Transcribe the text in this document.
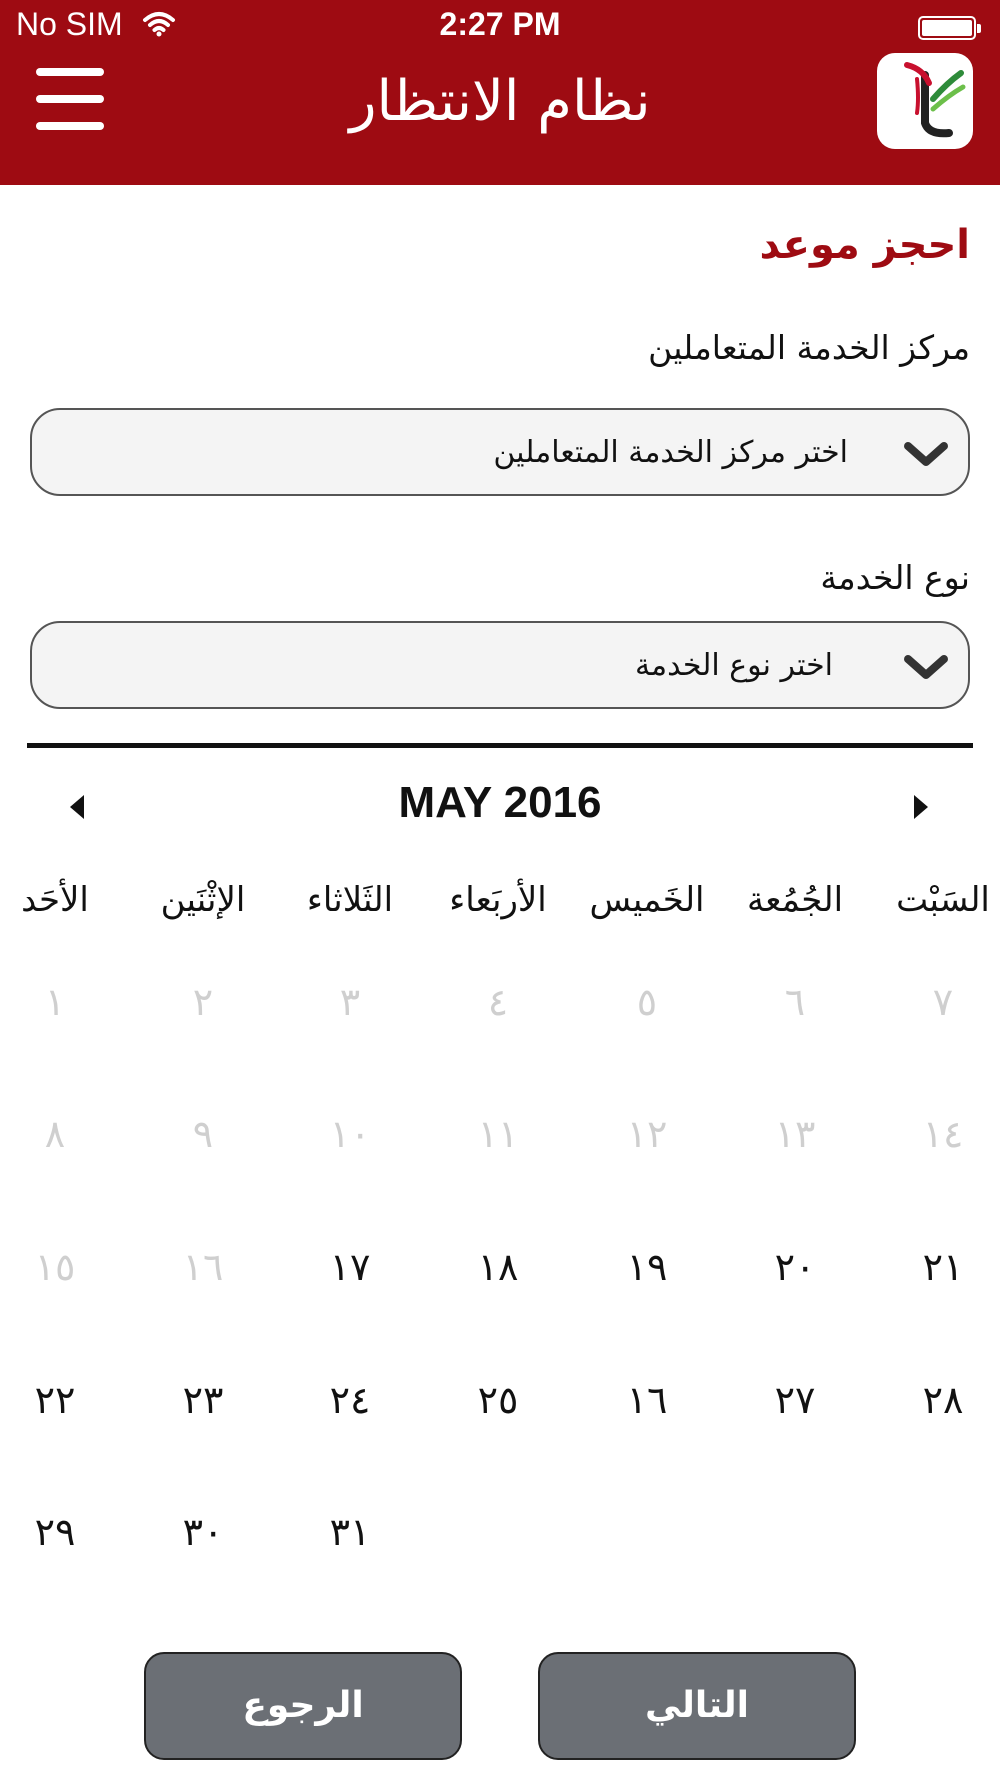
No SIM	2:27 PM
نظام الانتظار
احجز موعد
مركز الخدمة المتعاملين
اختر مركز الخدمة المتعاملين
نوع الخدمة
اختر نوع الخدمة
MAY 2016
الأحَد	الإثْنَين	الثَلاثاء	الأربَعاء	الخَميس	الجُمُعة	السَبْت
١	٢	٣	٤	٥	٦	٧
٨	٩	١٠	١١	١٢	١٣	١٤
١٥	١٦	١٧	١٨	١٩	٢٠	٢١
٢٢	٢٣	٢٤	٢٥	١٦	٢٧	٢٨
٢٩	٣٠	٣١
الرجوع	التالي
